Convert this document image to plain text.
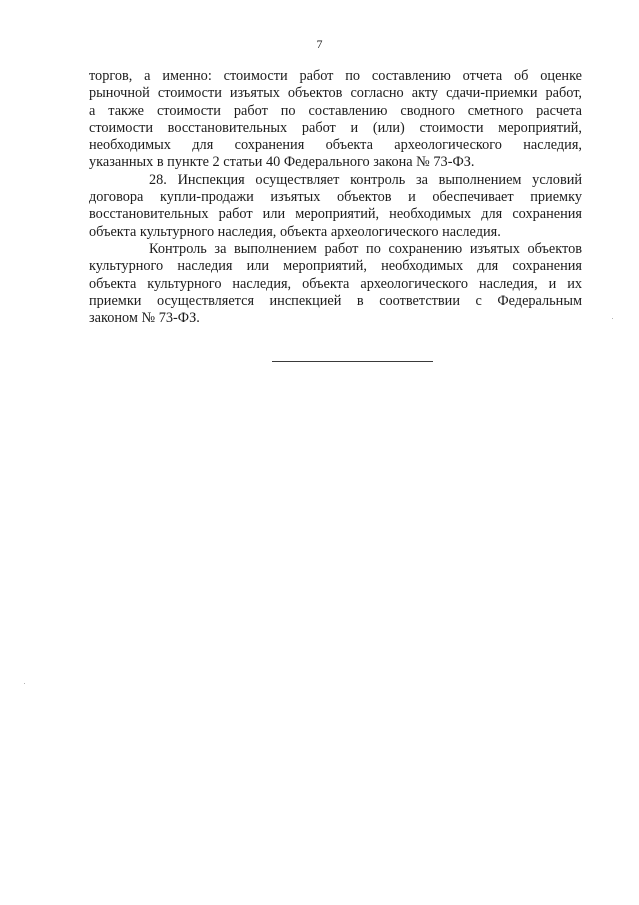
7
торгов, а именно: стоимости работ по составлению отчета об оценке
рыночной стоимости изъятых объектов согласно акту сдачи-приемки работ,
а также стоимости работ по составлению сводного сметного расчета
стоимости восстановительных работ и (или) стоимости мероприятий,
необходимых для сохранения объекта археологического наследия,
указанных в пункте 2 статьи 40 Федерального закона № 73-ФЗ.
28. Инспекция осуществляет контроль за выполнением условий
договора купли-продажи изъятых объектов и обеспечивает приемку
восстановительных работ или мероприятий, необходимых для сохранения
объекта культурного наследия, объекта археологического наследия.
Контроль за выполнением работ по сохранению изъятых объектов
культурного наследия или мероприятий, необходимых для сохранения
объекта культурного наследия, объекта археологического наследия, и их
приемки осуществляется инспекцией в соответствии с Федеральным
законом № 73-ФЗ.
